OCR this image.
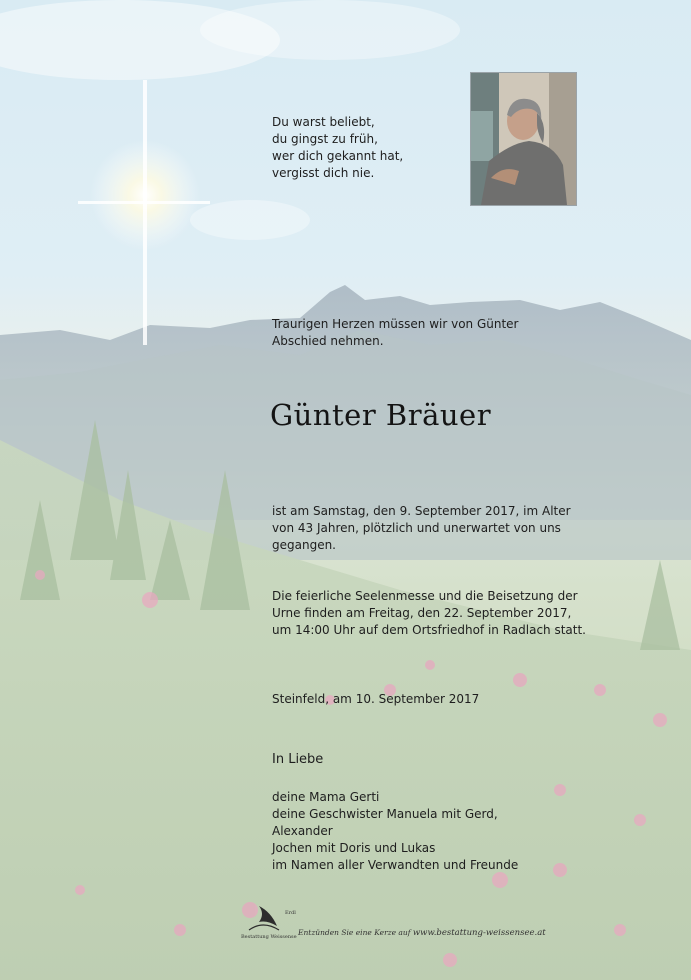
Du warst beliebt,
du gingst zu früh,
wer dich gekannt hat,
vergisst dich nie.
Traurigen Herzen müssen wir von Günter
Abschied nehmen.
Günter Bräuer
ist am Samstag, den 9. September 2017, im Alter
von 43 Jahren, plötzlich und unerwartet von uns
gegangen.
Die feierliche Seelenmesse und die Beisetzung der
Urne finden am Freitag, den 22. September 2017,
um 14:00 Uhr auf dem Ortsfriedhof in Radlach statt.
Steinfeld, am 10. September 2017
In Liebe
deine Mama Gerti
deine Geschwister Manuela mit Gerd,
Alexander
Jochen mit Doris und Lukas
im Namen aller Verwandten und Freunde
Erdl
Bestattung Weissensee
Entzünden Sie eine Kerze auf www.bestattung-weissensee.at
